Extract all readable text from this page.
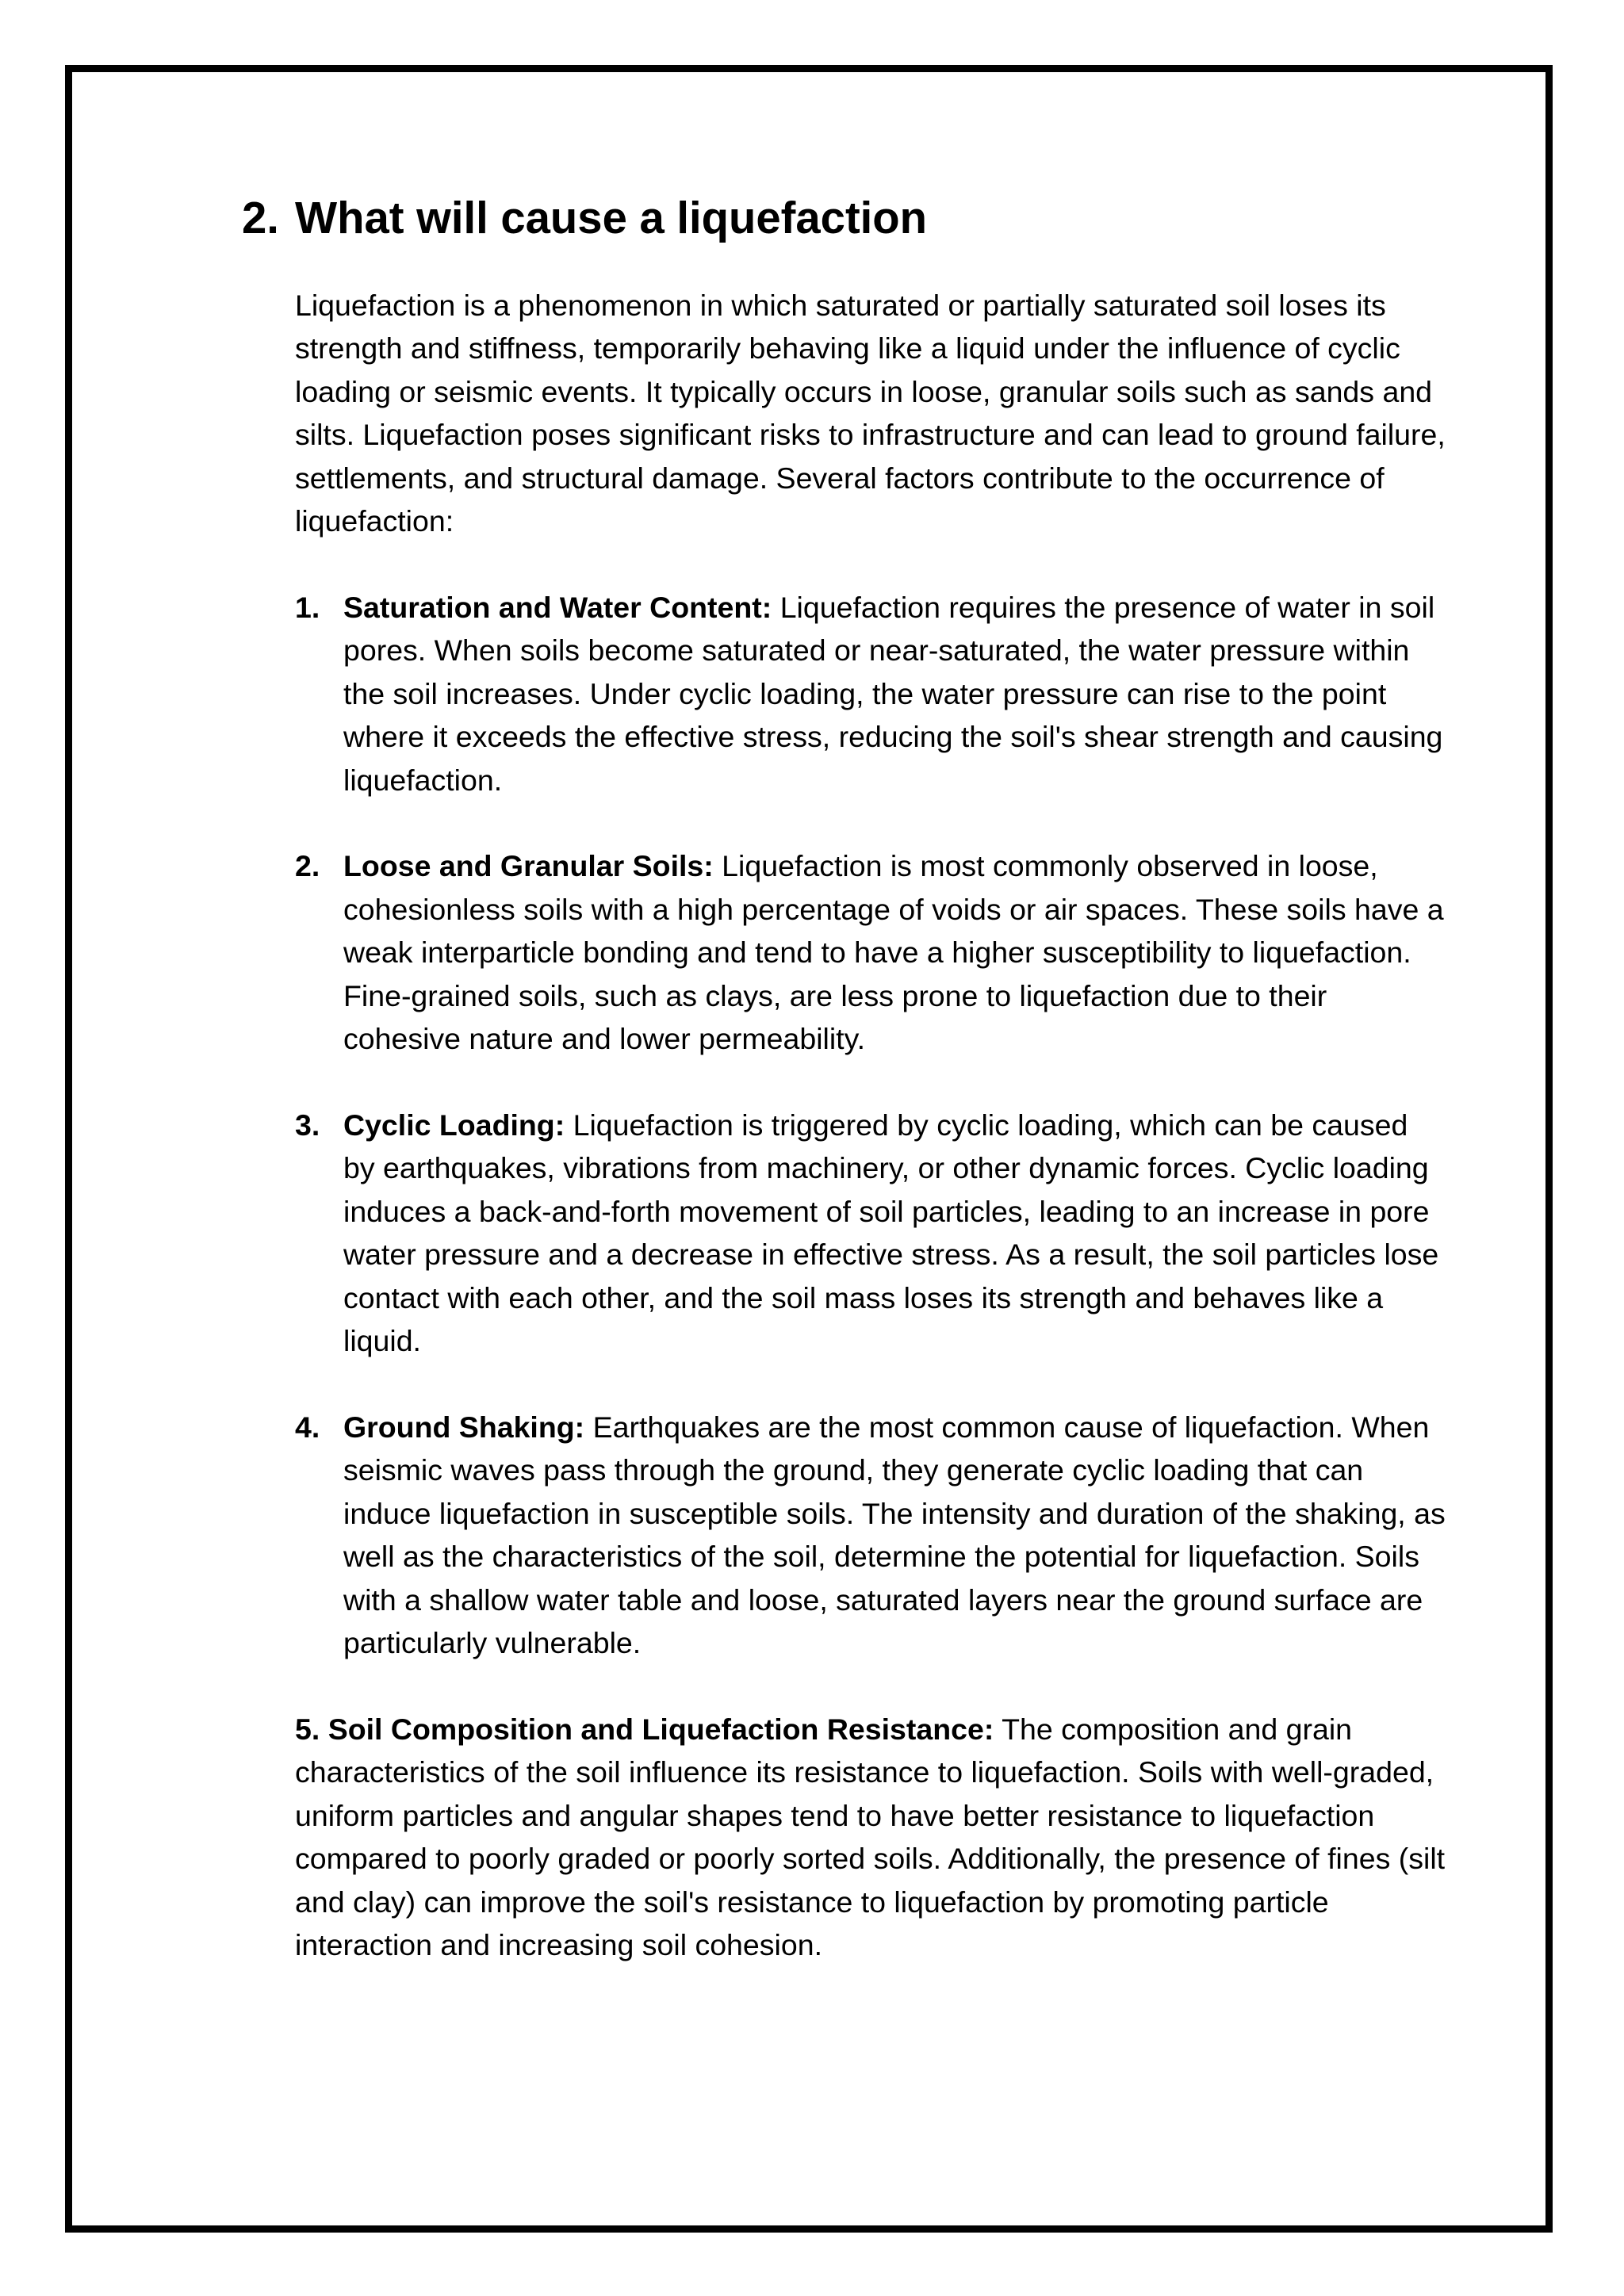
2. What will cause a liquefaction

Liquefaction is a phenomenon in which saturated or partially saturated soil loses its strength and stiffness, temporarily behaving like a liquid under the influence of cyclic loading or seismic events. It typically occurs in loose, granular soils such as sands and silts. Liquefaction poses significant risks to infrastructure and can lead to ground failure, settlements, and structural damage. Several factors contribute to the occurrence of liquefaction:

1. Saturation and Water Content: Liquefaction requires the presence of water in soil pores. When soils become saturated or near-saturated, the water pressure within the soil increases. Under cyclic loading, the water pressure can rise to the point where it exceeds the effective stress, reducing the soil's shear strength and causing liquefaction.
2. Loose and Granular Soils: Liquefaction is most commonly observed in loose, cohesionless soils with a high percentage of voids or air spaces. These soils have a weak interparticle bonding and tend to have a higher susceptibility to liquefaction. Fine-grained soils, such as clays, are less prone to liquefaction due to their cohesive nature and lower permeability.
3. Cyclic Loading: Liquefaction is triggered by cyclic loading, which can be caused by earthquakes, vibrations from machinery, or other dynamic forces. Cyclic loading induces a back-and-forth movement of soil particles, leading to an increase in pore water pressure and a decrease in effective stress. As a result, the soil particles lose contact with each other, and the soil mass loses its strength and behaves like a liquid.
4. Ground Shaking: Earthquakes are the most common cause of liquefaction. When seismic waves pass through the ground, they generate cyclic loading that can induce liquefaction in susceptible soils. The intensity and duration of the shaking, as well as the characteristics of the soil, determine the potential for liquefaction. Soils with a shallow water table and loose, saturated layers near the ground surface are particularly vulnerable.

5. Soil Composition and Liquefaction Resistance: The composition and grain characteristics of the soil influence its resistance to liquefaction. Soils with well-graded, uniform particles and angular shapes tend to have better resistance to liquefaction compared to poorly graded or poorly sorted soils. Additionally, the presence of fines (silt and clay) can improve the soil's resistance to liquefaction by promoting particle interaction and increasing soil cohesion.
